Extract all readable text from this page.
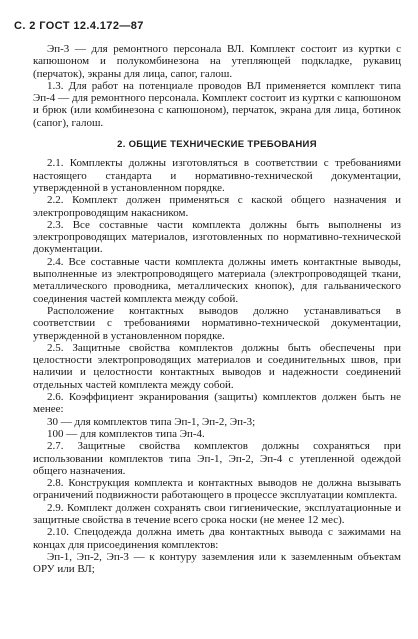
С. 2 ГОСТ 12.4.172—87

Эп-3 — для ремонтного персонала ВЛ. Комплект состоит из куртки с капюшоном и полукомбинезона на утепляющей подкладке, рукавиц (перчаток), экраны для лица, сапог, галош.

1.3. Для работ на потенциале проводов ВЛ применяется комплект типа Эп-4 — для ремонтного персонала. Комплект состоит из куртки с капюшоном и брюк (или комбинезона с капюшоном), перчаток, экрана для лица, ботинок (сапог), галош.

2. ОБЩИЕ ТЕХНИЧЕСКИЕ ТРЕБОВАНИЯ

2.1. Комплекты должны изготовляться в соответствии с требованиями настоящего стандарта и нормативно-технической документации, утвержденной в установленном порядке.

2.2. Комплект должен применяться с каской общего назначения и электропроводящим накасником.

2.3. Все составные части комплекта должны быть выполнены из электропроводящих материалов, изготовленных по нормативно-технической документации.

2.4. Все составные части комплекта должны иметь контактные выводы, выполненные из электропроводящего материала (электропроводящей ткани, металлического проводника, металлических кнопок), для гальванического соединения частей комплекта между собой.

Расположение контактных выводов должно устанавливаться в соответствии с требованиями нормативно-технической документации, утвержденной в установленном порядке.

2.5. Защитные свойства комплектов должны быть обеспечены при целостности электропроводящих материалов и соединительных швов, при наличии и целостности контактных выводов и надежности соединений отдельных частей комплекта между собой.

2.6. Коэффициент экранирования (защиты) комплектов должен быть не менее:

30 — для комплектов типа Эп-1, Эп-2, Эп-3;

100 — для комплектов типа Эп-4.

2.7. Защитные свойства комплектов должны сохраняться при использовании комплектов типа Эп-1, Эп-2, Эп-4 с утепленной одеждой общего назначения.

2.8. Конструкция комплекта и контактных выводов не должна вызывать ограничений подвижности работающего в процессе эксплуатации комплекта.

2.9. Комплект должен сохранять свои гигиенические, эксплуатационные и защитные свойства в течение всего срока носки (не менее 12 мес).

2.10. Спецодежда должна иметь два контактных вывода с зажимами на концах для присоединения комплектов:

Эп-1, Эп-2, Эп-3 — к контуру заземления или к заземленным объектам ОРУ или ВЛ;
